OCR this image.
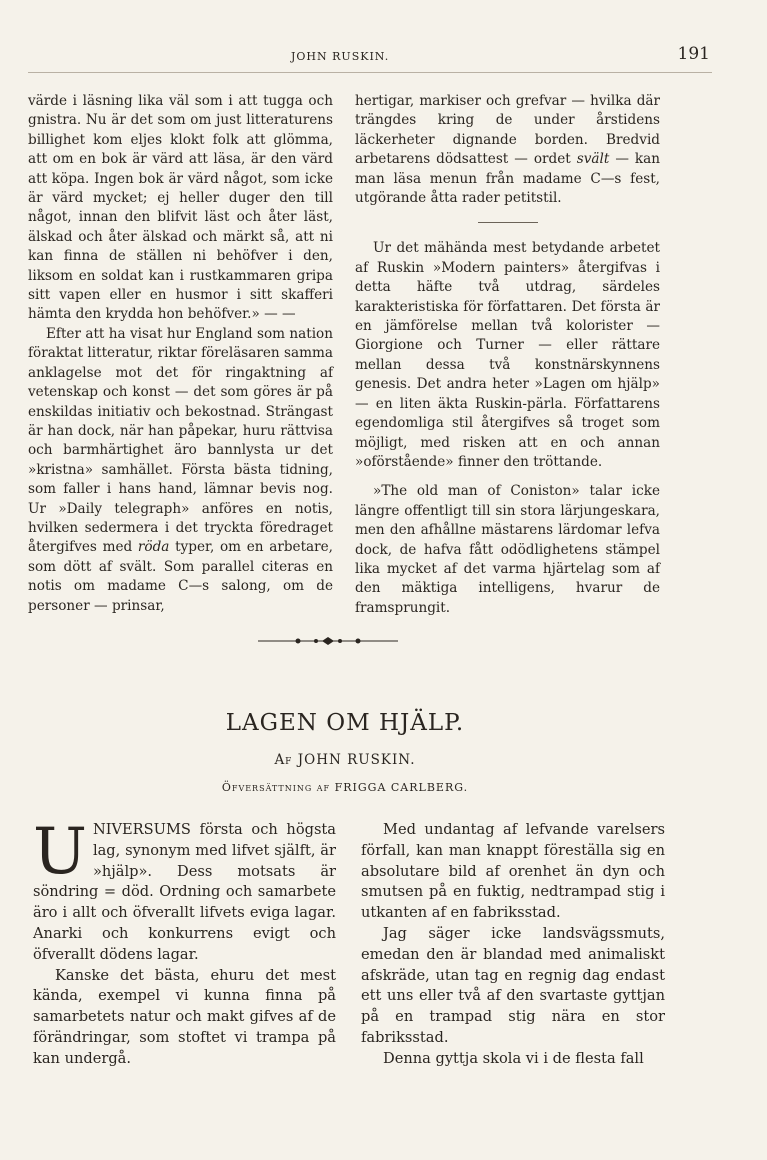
JOHN RUSKIN.	191

värde i läsning lika väl som i att tugga och gnistra. Nu är det som om just litteraturens billighet kom eljes klokt folk att glömma, att om en bok är värd att läsa, är den värd att köpa. Ingen bok är värd något, som icke är värd mycket; ej heller duger den till något, innan den blifvit läst och åter läst, älskad och åter älskad och märkt så, att ni kan finna de ställen ni behöfver i den, liksom en soldat kan i rustkammaren gripa sitt vapen eller en husmor i sitt skafferi hämta den krydda hon behöfver.» — —

Efter att ha visat hur England som nation föraktat litteratur, riktar föreläsaren samma anklagelse mot det för ringaktning af vetenskap och konst — det som göres är på enskildas initiativ och bekostnad. Strängast är han dock, när han påpekar, huru rättvisa och barmhärtighet äro bannlysta ur det »kristna» samhället. Första bästa tidning, som faller i hans hand, lämnar bevis nog. Ur »Daily telegraph» anföres en notis, hvilken sedermera i det tryckta föredraget återgifves med röda typer, om en arbetare, som dött af svält. Som parallel citeras en notis om madame C—s salong, om de personer — prinsar,

hertigar, markiser och grefvar — hvilka där trängdes kring de under årstidens läckerheter dignande borden. Bredvid arbetarens dödsattest — ordet svält — kan man läsa menun från madame C—s fest, utgörande åtta rader petitstil.

Ur det mähända mest betydande arbetet af Ruskin »Modern painters» återgifvas i detta häfte två utdrag, särdeles karakteristiska för författaren. Det första är en jämförelse mellan två kolorister — Giorgione och Turner — eller rättare mellan dessa två konstnärskynnens genesis. Det andra heter »Lagen om hjälp» — en liten äkta Ruskin-pärla. Författarens egendomliga stil återgifves så troget som möjligt, med risken att en och annan »oförstående» finner den tröttande.

»The old man of Coniston» talar icke längre offentligt till sin stora lärjungeskara, men den afhållne mästarens lärdomar lefva dock, de hafva fått odödlighetens stämpel lika mycket af det varma hjärtelag som af den mäktiga intelligens, hvarur de framsprungit.

LAGEN OM HJÄLP.
Af JOHN RUSKIN.
Öfversättning af FRIGGA CARLBERG.

UNIVERSUMS första och högsta lag, synonym med lifvet själft, är »hjälp». Dess motsats är söndring = död. Ordning och samarbete äro i allt och öfverallt lifvets eviga lagar. Anarki och konkurrens evigt och öfverallt dödens lagar.

Kanske det bästa, ehuru det mest kända, exempel vi kunna finna på samarbetets natur och makt gifves af de förändringar, som stoftet vi trampa på kan undergå.

Med undantag af lefvande varelsers förfall, kan man knappt föreställa sig en absolutare bild af orenhet än dyn och smutsen på en fuktig, nedtrampad stig i utkanten af en fabriksstad.

Jag säger icke landsvägssmuts, emedan den är blandad med animaliskt afskräde, utan tag en regnig dag endast ett uns eller två af den svartaste gyttjan på en trampad stig nära en stor fabriksstad.

Denna gyttja skola vi i de flesta fall
